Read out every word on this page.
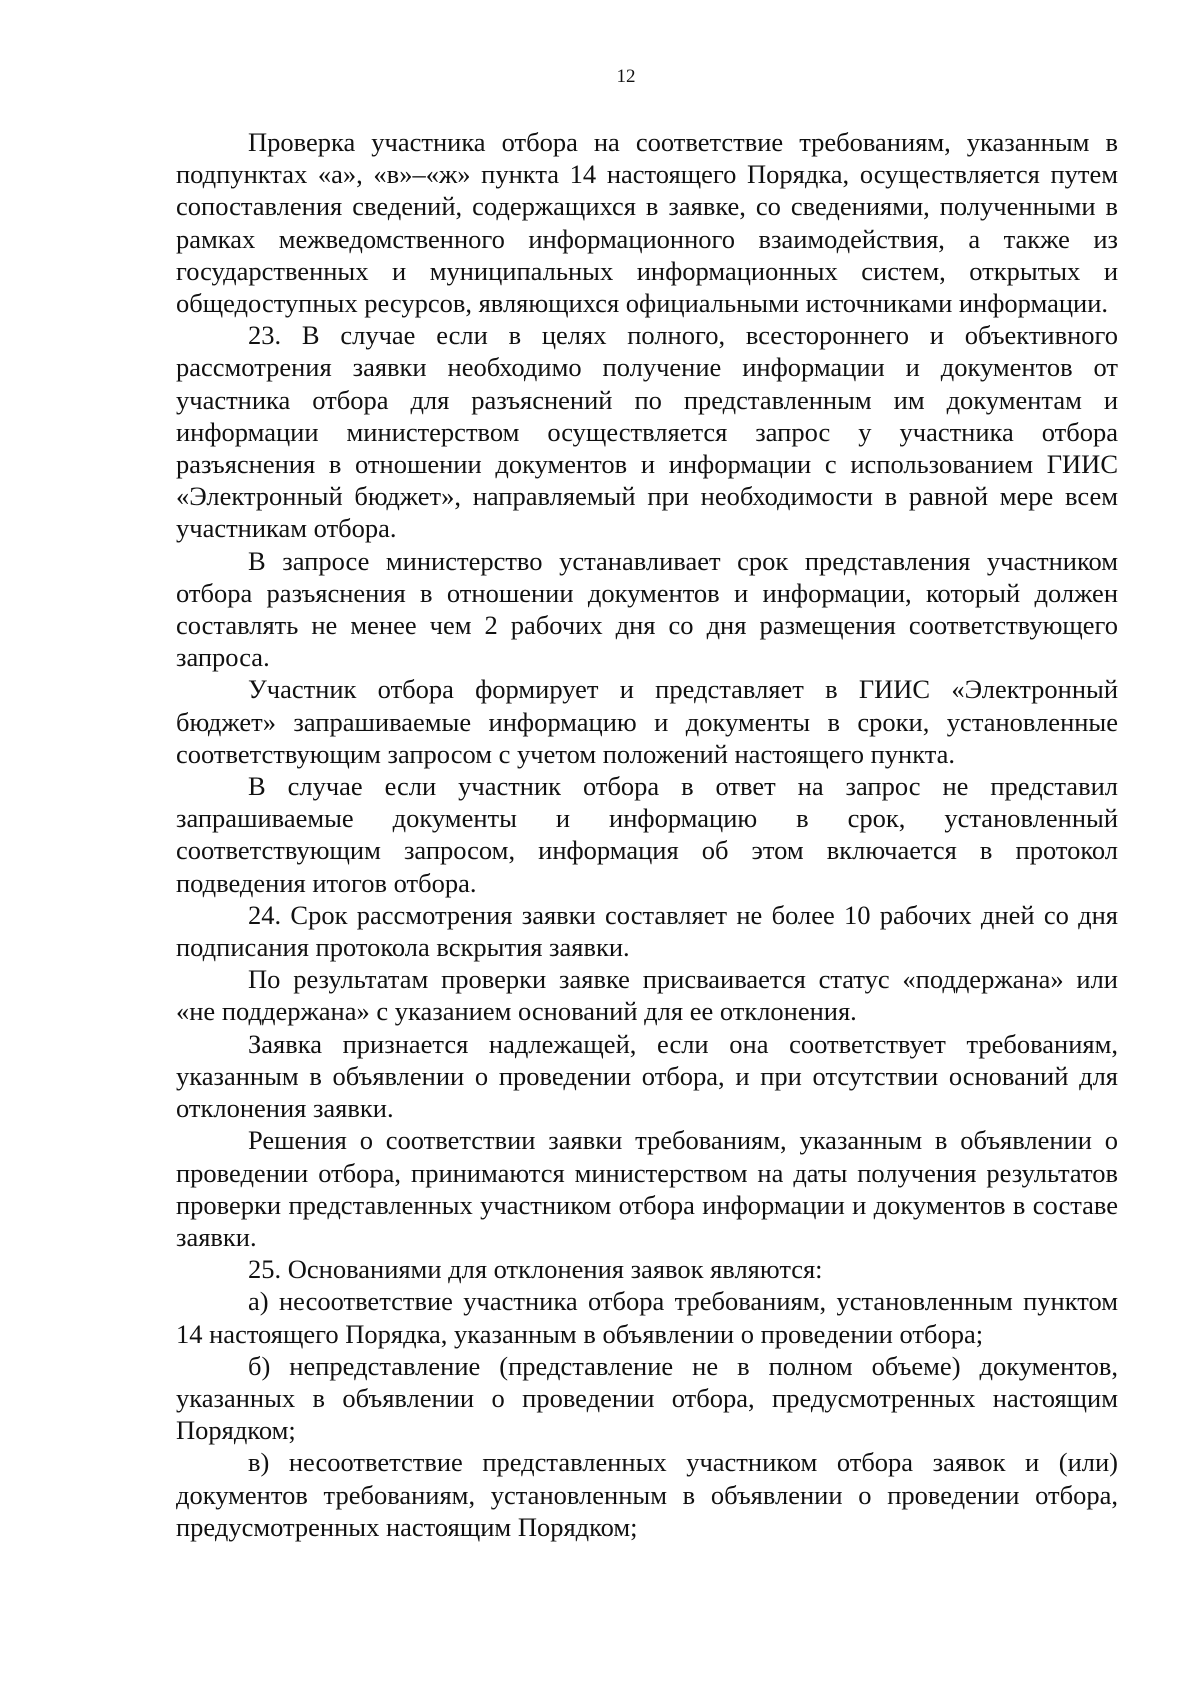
12

Проверка участника отбора на соответствие требованиям, указанным в подпунктах «а», «в»–«ж» пункта 14 настоящего Порядка, осуществляется путем сопоставления сведений, содержащихся в заявке, со сведениями, полученными в рамках межведомственного информационного взаимодействия, а также из государственных и муниципальных информационных систем, открытых и общедоступных ресурсов, являющихся официальными источниками информации.

23. В случае если в целях полного, всестороннего и объективного рассмотрения заявки необходимо получение информации и документов от участника отбора для разъяснений по представленным им документам и информации министерством осуществляется запрос у участника отбора разъяснения в отношении документов и информации с использованием ГИИС «Электронный бюджет», направляемый при необходимости в равной мере всем участникам отбора.

В запросе министерство устанавливает срок представления участником отбора разъяснения в отношении документов и информации, который должен составлять не менее чем 2 рабочих дня со дня размещения соответствующего запроса.

Участник отбора формирует и представляет в ГИИС «Электронный бюджет» запрашиваемые информацию и документы в сроки, установленные соответствующим запросом с учетом положений настоящего пункта.

В случае если участник отбора в ответ на запрос не представил запрашиваемые документы и информацию в срок, установленный соответствующим запросом, информация об этом включается в протокол подведения итогов отбора.

24. Срок рассмотрения заявки составляет не более 10 рабочих дней со дня подписания протокола вскрытия заявки.

По результатам проверки заявке присваивается статус «поддержана» или «не поддержана» с указанием оснований для ее отклонения.

Заявка признается надлежащей, если она соответствует требованиям, указанным в объявлении о проведении отбора, и при отсутствии оснований для отклонения заявки.

Решения о соответствии заявки требованиям, указанным в объявлении о проведении отбора, принимаются министерством на даты получения результатов проверки представленных участником отбора информации и документов в составе заявки.

25. Основаниями для отклонения заявок являются:

а) несоответствие участника отбора требованиям, установленным пунктом 14 настоящего Порядка, указанным в объявлении о проведении отбора;

б) непредставление (представление не в полном объеме) документов, указанных в объявлении о проведении отбора, предусмотренных настоящим Порядком;

в) несоответствие представленных участником отбора заявок и (или) документов требованиям, установленным в объявлении о проведении отбора, предусмотренных настоящим Порядком;
